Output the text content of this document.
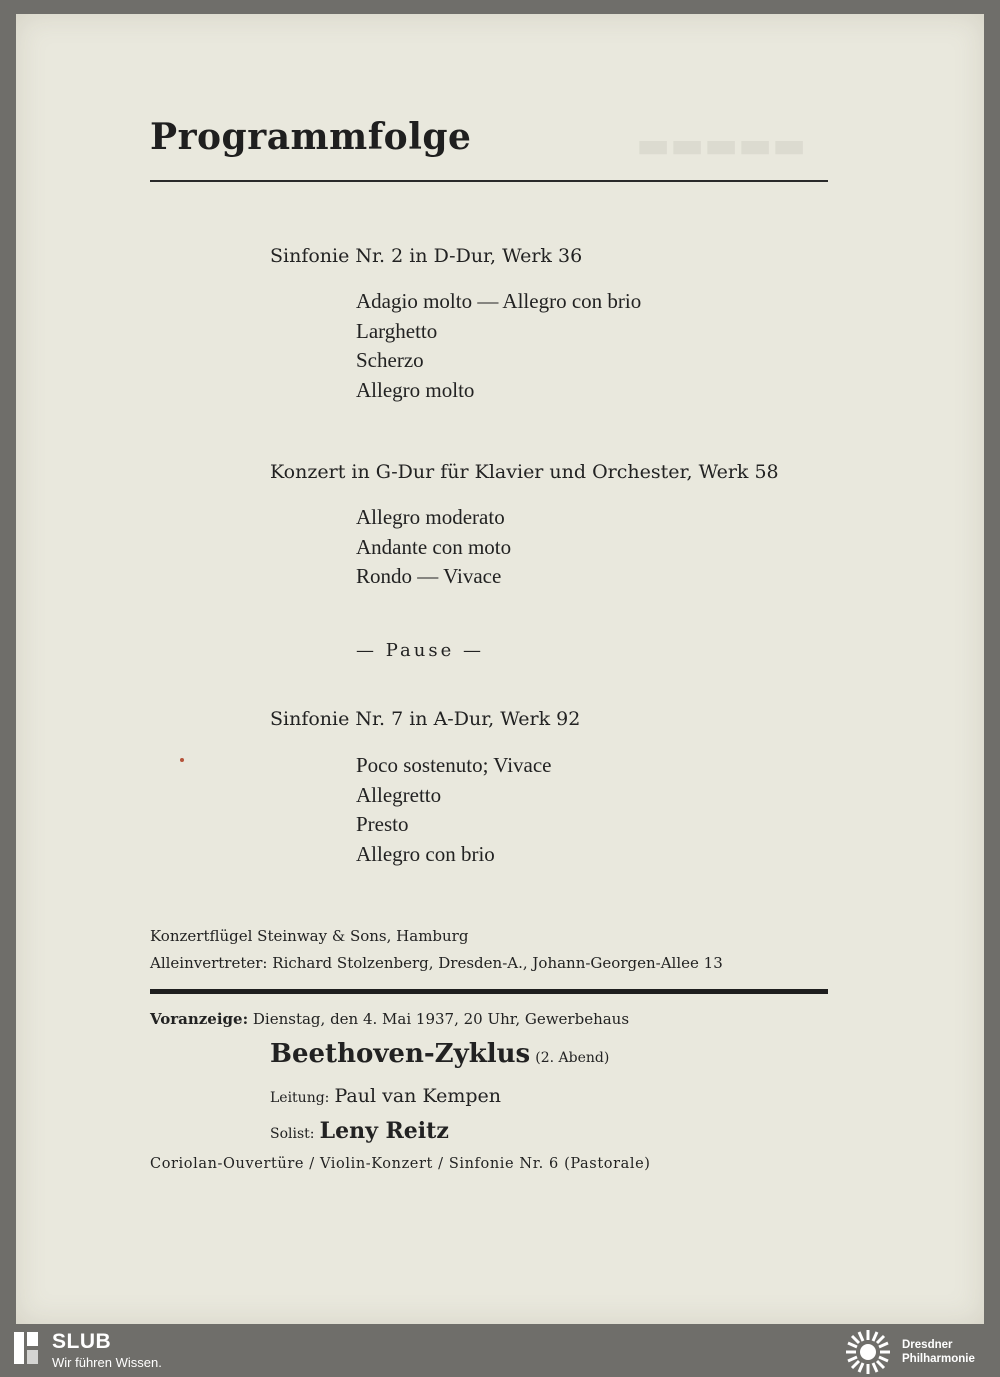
▬▬▬▬▬
Programmfolge
Sinfonie Nr. 2 in D-Dur, Werk 36
Adagio molto — Allegro con brio
Larghetto
Scherzo
Allegro molto
Konzert in G-Dur für Klavier und Orchester, Werk 58
Allegro moderato
Andante con moto
Rondo — Vivace
— Pause —
Sinfonie Nr. 7 in A-Dur, Werk 92
Poco sostenuto; Vivace
Allegretto
Presto
Allegro con brio
Konzertflügel Steinway & Sons, Hamburg
Alleinvertreter: Richard Stolzenberg, Dresden-A., Johann-Georgen-Allee 13
Voranzeige: Dienstag, den 4. Mai 1937, 20 Uhr, Gewerbehaus
Beethoven-Zyklus (2. Abend)
Leitung: Paul van Kempen
Solist: Leny Reitz
Coriolan-Ouvertüre / Violin-Konzert / Sinfonie Nr. 6 (Pastorale)
SLUB
Wir führen Wissen.
Dresdner
Philharmonie
